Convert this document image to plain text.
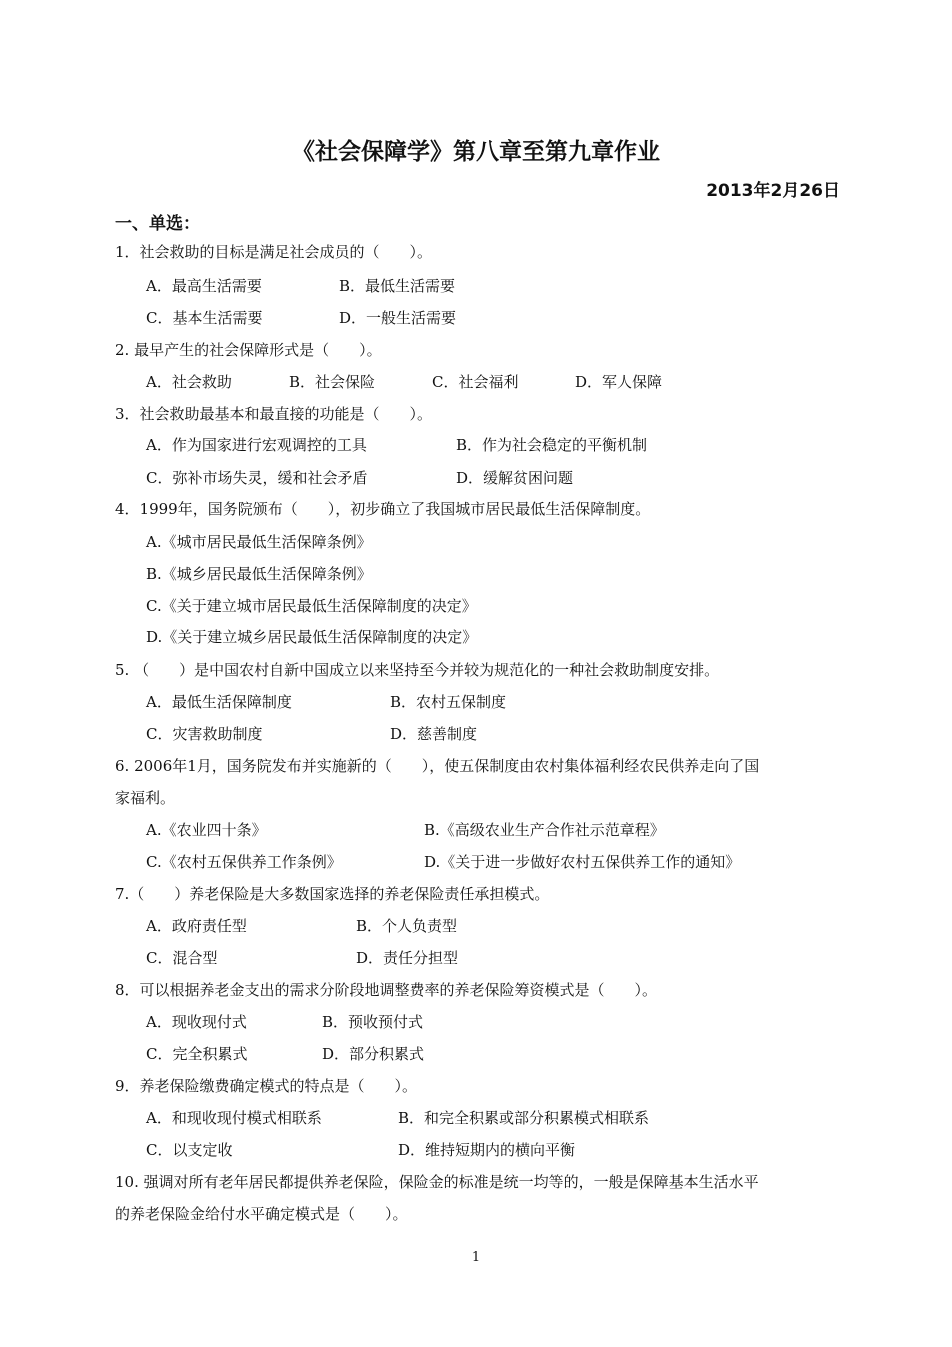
《社会保障学》第八章至第九章作业
2013年2月26日
一、单选：
1．社会救助的目标是满足社会成员的（　　）。
A．最高生活需要	B．最低生活需要
C．基本生活需要	D．一般生活需要
2. 最早产生的社会保障形式是（　　）。
A．社会救助	B．社会保险	C．社会福利	D．军人保障
3．社会救助最基本和最直接的功能是（　　）。
A．作为国家进行宏观调控的工具	B．作为社会稳定的平衡机制
C．弥补市场失灵，缓和社会矛盾	D．缓解贫困问题
4．1999年，国务院颁布（　　），初步确立了我国城市居民最低生活保障制度。
A.《城市居民最低生活保障条例》
B.《城乡居民最低生活保障条例》
C.《关于建立城市居民最低生活保障制度的决定》
D.《关于建立城乡居民最低生活保障制度的决定》
5. （　　）是中国农村自新中国成立以来坚持至今并较为规范化的一种社会救助制度安排。
A．最低生活保障制度	B．农村五保制度
C．灾害救助制度	D．慈善制度
6. 2006年1月，国务院发布并实施新的（　　），使五保制度由农村集体福利经农民供养走向了国
家福利。
A.《农业四十条》	B.《高级农业生产合作社示范章程》
C.《农村五保供养工作条例》	D.《关于进一步做好农村五保供养工作的通知》
7.（　　）养老保险是大多数国家选择的养老保险责任承担模式。
A．政府责任型	B．个人负责型
C．混合型	D．责任分担型
8．可以根据养老金支出的需求分阶段地调整费率的养老保险筹资模式是（　　）。
A．现收现付式	B．预收预付式
C．完全积累式	D．部分积累式
9．养老保险缴费确定模式的特点是（　　）。
A．和现收现付模式相联系	B．和完全积累或部分积累模式相联系
C．以支定收	D．维持短期内的横向平衡
10. 强调对所有老年居民都提供养老保险，保险金的标准是统一均等的，一般是保障基本生活水平
的养老保险金给付水平确定模式是（　　）。
1
